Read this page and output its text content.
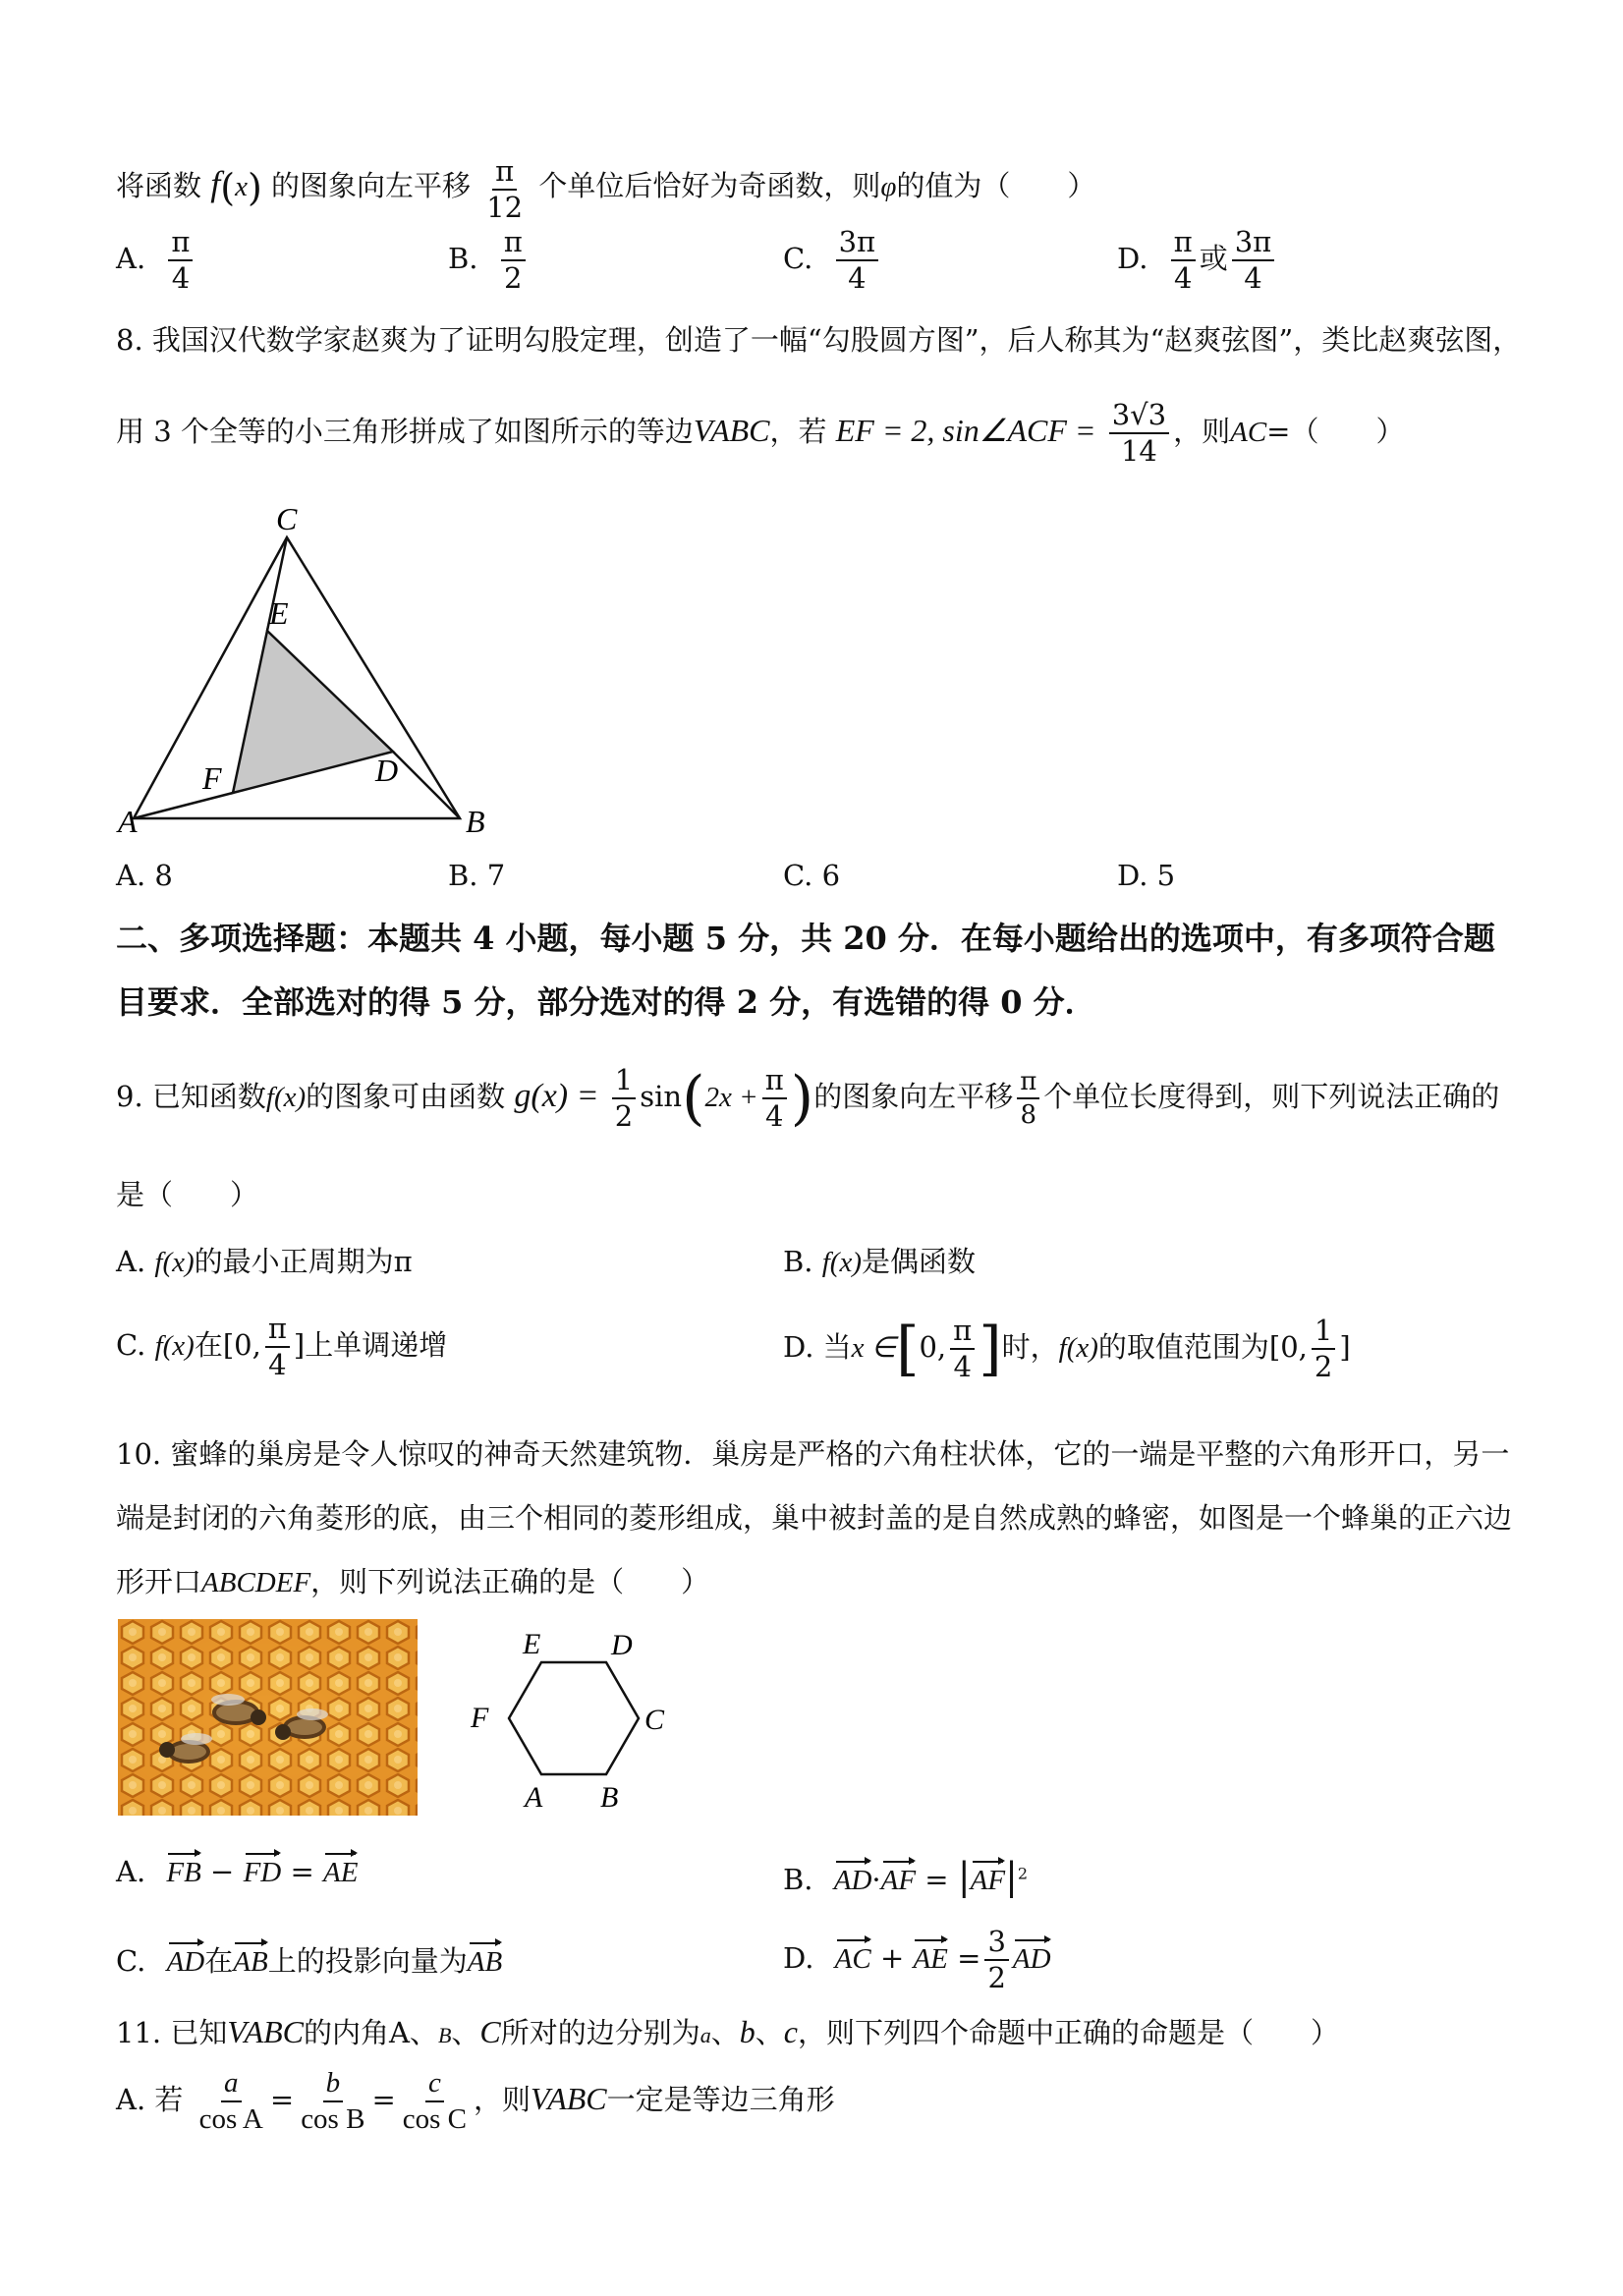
将函数 f(x) 的图象向左平移 $\frac{\pi}{12}$ 个单位后恰好为奇函数，则φ的值为（　　）
A. $\frac{\pi}{4}$	B. $\frac{\pi}{2}$	C. $\frac{3\pi}{4}$	D. $\frac{\pi}{4}$ 或 $\frac{3\pi}{4}$
8. 我国汉代数学家赵爽为了证明勾股定理，创造了一幅“勾股圆方图”，后人称其为“赵爽弦图”，类比赵爽弦图，
用 3 个全等的小三角形拼成了如图所示的等边VABC，若 EF = 2, sin∠ACF = $\frac{3√3}{14}$ ，则AC=（　　）
C
E
D
F
A	B
A. 8	B. 7	C. 6	D. 5
二、多项选择题：本题共 4 小题，每小题 5 分，共 20 分．在每小题给出的选项中，有多项符合题
目要求．全部选对的得 5 分，部分选对的得 2 分，有选错的得 0 分．
9. 已知函数f(x)的图象可由函数 $g(x) = \frac{1}{2} \sin(2x + \frac{\pi}{4}$ )的图象向左平移 $\frac{\pi}{8}$ 个单位长度得到，则下列说法正确的
是（　　）
A. f(x)的最小正周期为π	B. f(x)是偶函数
C. f(x)在[0, $\frac{\pi}{4}$ ]上单调递增	D. 当x ∈[0, $\frac{\pi}{4}$ ]时，f(x)的取值范围为[0, $\frac{1}{2}$ ]
10. 蜜蜂的巢房是令人惊叹的神奇天然建筑物．巢房是严格的六角柱状体，它的一端是平整的六角形开口，另一
端是封闭的六角菱形的底，由三个相同的菱形组成，巢中被封盖的是自然成熟的蜂密，如图是一个蜂巢的正六边
形开口ABCDEF，则下列说法正确的是（　　）
E D
C
F
A B
A. FB − FD = AE	B. $AD\cdot AF = |AF|^2$
C. AD在AB上的投影向量为AB	D. AC + AE = $\frac{3}{2}$ AD
11. 已知VABC的内角A、B、C所对的边分别为a、b、c，则下列四个命题中正确的命题是（　　）
A. 若 $\frac{a}{\text{cos A}} = \frac{b}{\text{cos B}} = \frac{c}{\text{cos C}}$ ，则VABC一定是等边三角形
